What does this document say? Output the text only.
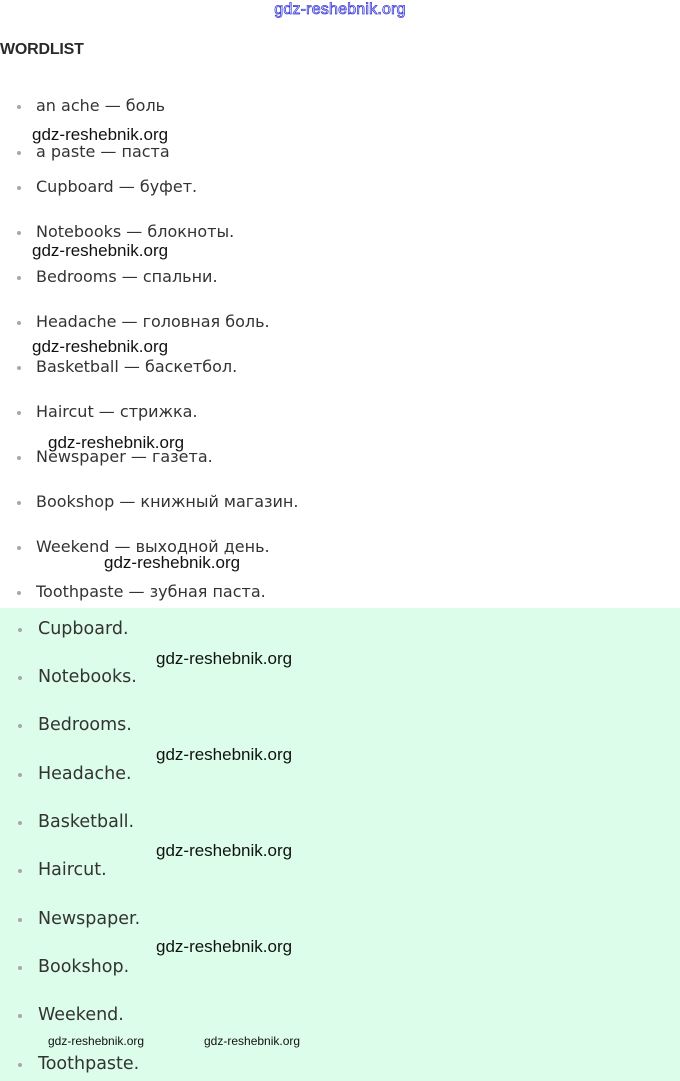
gdz-reshebnik.org
WORDLIST
an ache — боль
a paste — паста
Cupboard — буфет.
Notebooks — блокноты.
Bedrooms — спальни.
Headache — головная боль.
Basketball — баскетбол.
Haircut — стрижка.
Newspaper — газета.
Bookshop — книжный магазин.
Weekend — выходной день.
Toothpaste — зубная паста.
Cupboard.
Notebooks.
Bedrooms.
Headache.
Basketball.
Haircut.
Newspaper.
Bookshop.
Weekend.
Toothpaste.
gdz-reshebnik.org
gdz-reshebnik.org
gdz-reshebnik.org
gdz-reshebnik.org
gdz-reshebnik.org
gdz-reshebnik.org
gdz-reshebnik.org
gdz-reshebnik.org
gdz-reshebnik.org
gdz-reshebnik.org	gdz-reshebnik.org
